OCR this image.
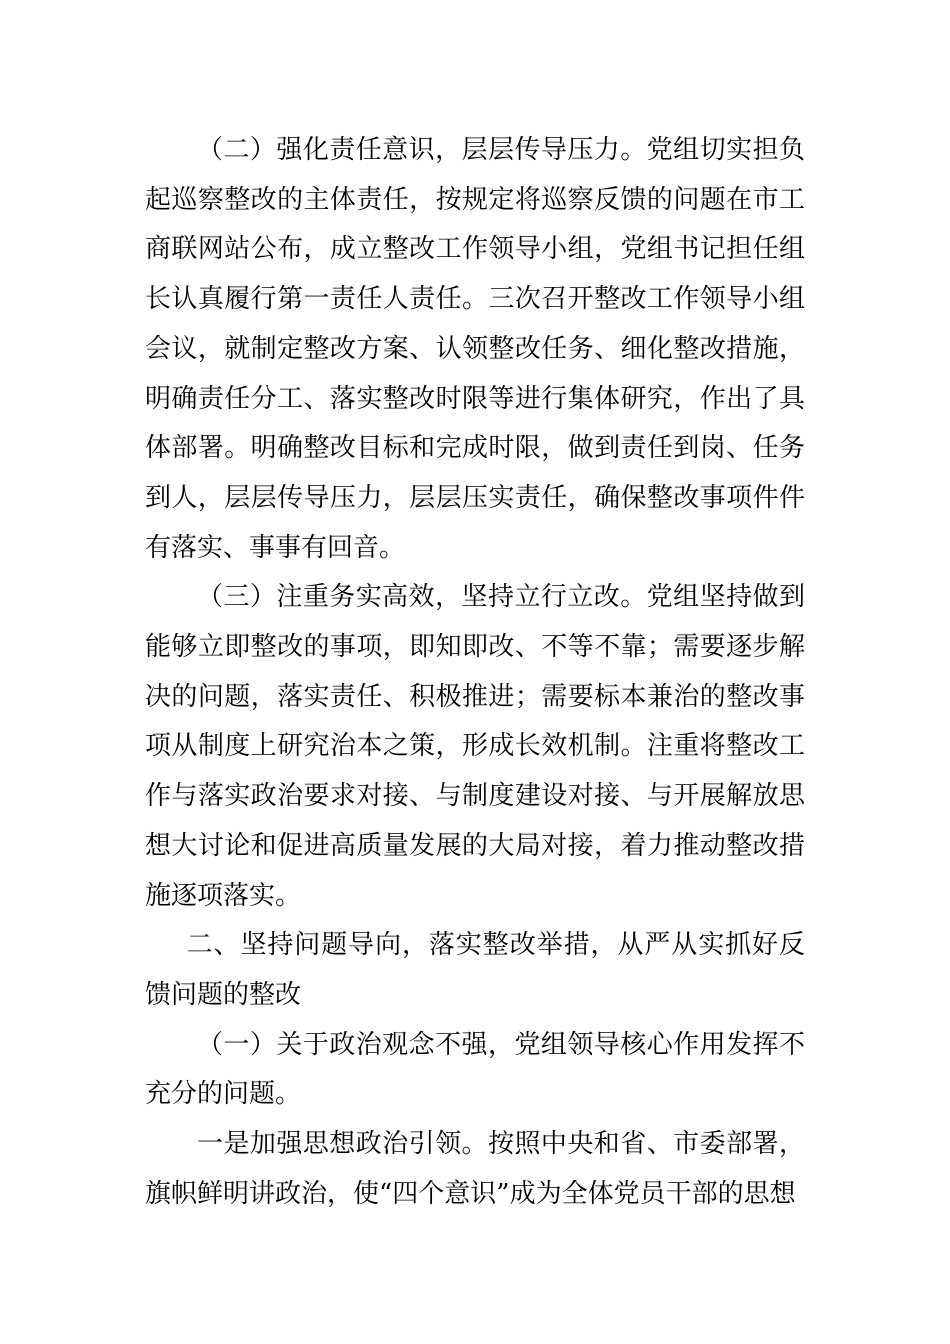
（二）强化责任意识，层层传导压力。党组切实担负起巡察整改的主体责任，按规定将巡察反馈的问题在市工商联网站公布，成立整改工作领导小组，党组书记担任组长认真履行第一责任人责任。三次召开整改工作领导小组会议，就制定整改方案、认领整改任务、细化整改措施，明确责任分工、落实整改时限等进行集体研究，作出了具体部署。明确整改目标和完成时限，做到责任到岗、任务到人，层层传导压力，层层压实责任，确保整改事项件件有落实、事事有回音。

（三）注重务实高效，坚持立行立改。党组坚持做到能够立即整改的事项，即知即改、不等不靠；需要逐步解决的问题，落实责任、积极推进；需要标本兼治的整改事项从制度上研究治本之策，形成长效机制。注重将整改工作与落实政治要求对接、与制度建设对接、与开展解放思想大讨论和促进高质量发展的大局对接，着力推动整改措施逐项落实。

二、坚持问题导向，落实整改举措，从严从实抓好反馈问题的整改

（一）关于政治观念不强，党组领导核心作用发挥不充分的问题。

一是加强思想政治引领。按照中央和省、市委部署，旗帜鲜明讲政治，使“四个意识”成为全体党员干部的思想
